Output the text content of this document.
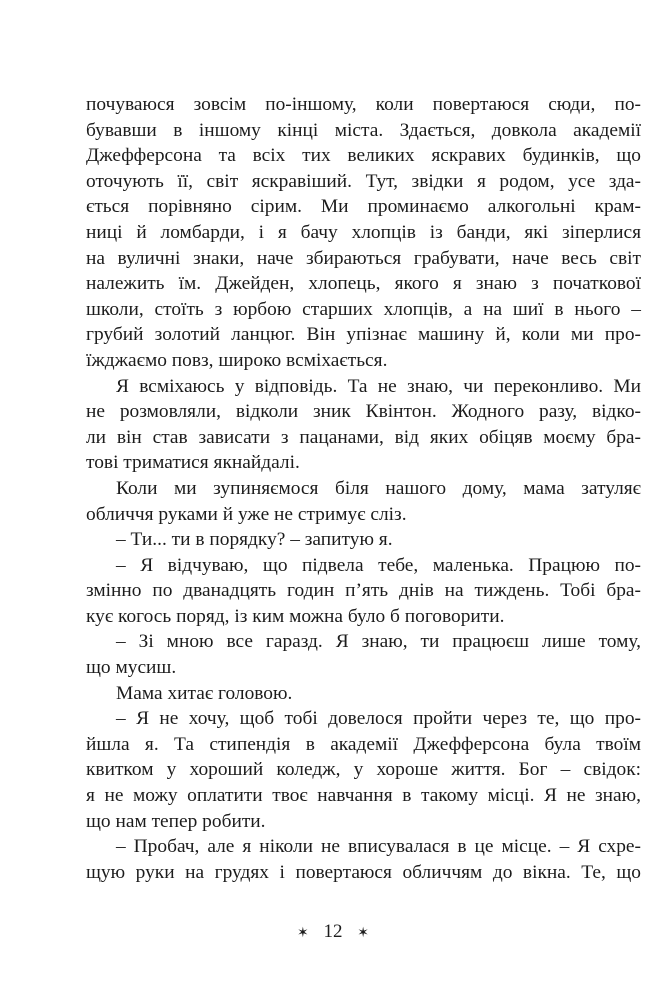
почуваюся зовсім по-іншому, коли повертаюся сюди, по-
бувавши в іншому кінці міста. Здається, довкола академії
Джефферсона та всіх тих великих яскравих будинків, що
оточують її, світ яскравіший. Тут, звідки я родом, усе зда-
ється порівняно сірим. Ми проминаємо алкогольні крам-
ниці й ломбарди, і я бачу хлопців із банди, які зіперлися
на вуличні знаки, наче збираються грабувати, наче весь світ
належить їм. Джейден, хлопець, якого я знаю з початкової
школи, стоїть з юрбою старших хлопців, а на шиї в нього –
грубий золотий ланцюг. Він упізнає машину й, коли ми про-
їжджаємо повз, широко всміхається.
Я всміхаюсь у відповідь. Та не знаю, чи переконливо. Ми
не розмовляли, відколи зник Квінтон. Жодного разу, відко-
ли він став зависати з пацанами, від яких обіцяв моєму бра-
тові триматися якнайдалі.
Коли ми зупиняємося біля нашого дому, мама затуляє
обличчя руками й уже не стримує сліз.
– Ти... ти в порядку? – запитую я.
– Я відчуваю, що підвела тебе, маленька. Працюю по-
змінно по дванадцять годин п’ять днів на тиждень. Тобі бра-
кує когось поряд, із ким можна було б поговорити.
– Зі мною все гаразд. Я знаю, ти працюєш лише тому,
що мусиш.
Мама хитає головою.
– Я не хочу, щоб тобі довелося пройти через те, що про-
йшла я. Та стипендія в академії Джефферсона була твоїм
квитком у хороший коледж, у хороше життя. Бог – свідок:
я не можу оплатити твоє навчання в такому місці. Я не знаю,
що нам тепер робити.
– Пробач, але я ніколи не вписувалася в це місце. – Я схре-
щую руки на грудях і повертаюся обличчям до вікна. Те, що
✶ 12 ✶
